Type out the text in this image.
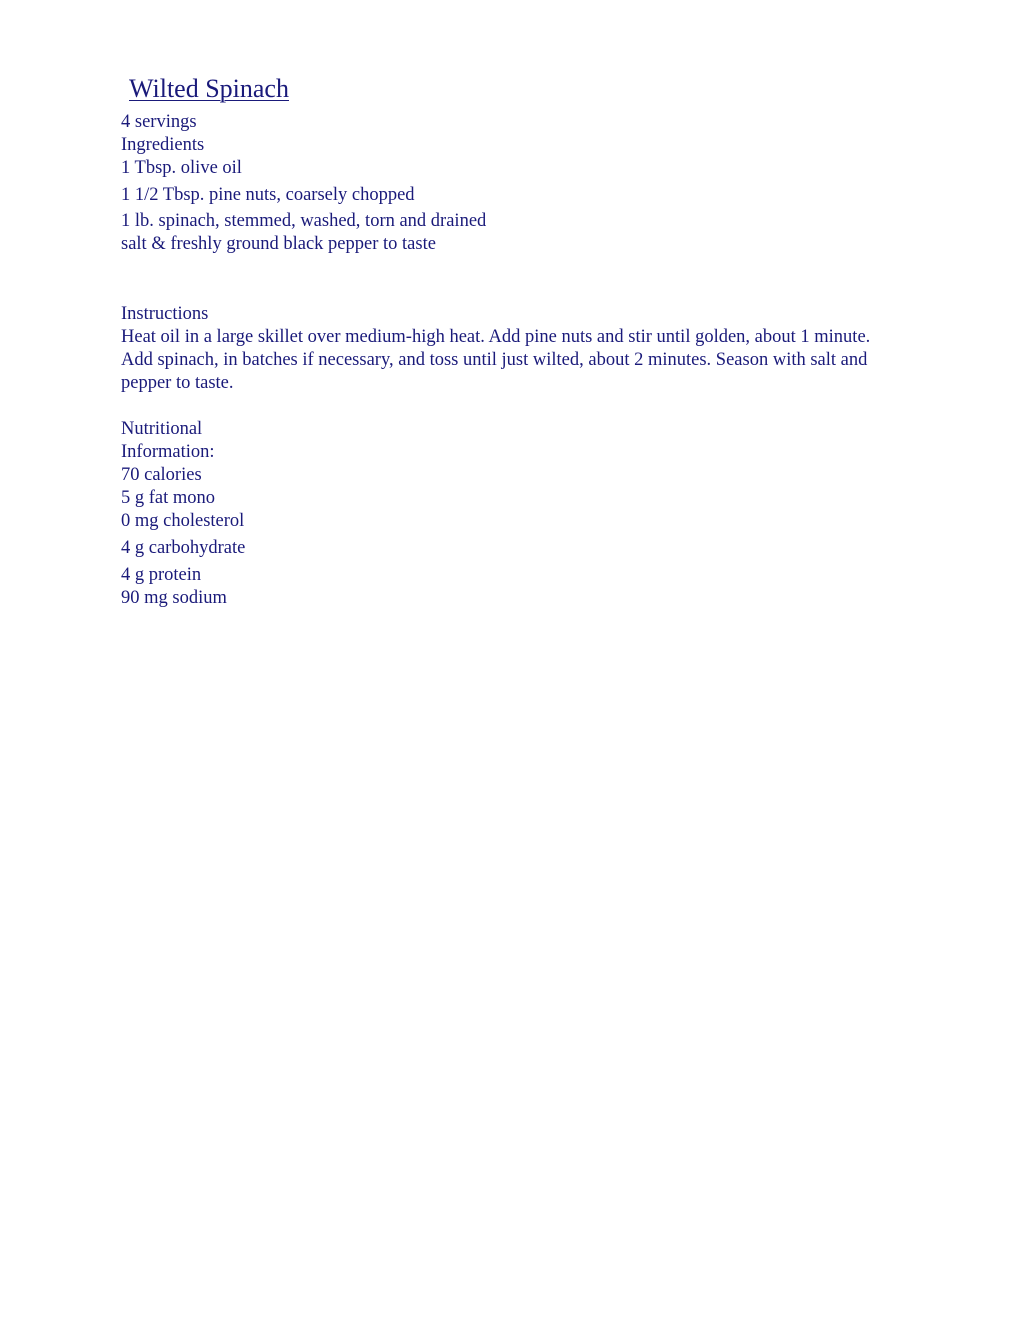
Wilted Spinach

4 servings

Ingredients

1 Tbsp. olive oil

1 1/2 Tbsp. pine nuts, coarsely chopped

1 lb. spinach, stemmed, washed, torn and drained salt & freshly ground black pepper to taste

Instructions

Heat oil in a large skillet over medium-high heat. Add pine nuts and stir until golden, about 1 minute. Add spinach, in batches if necessary, and toss until just wilted, about 2 minutes. Season with salt and pepper to taste.

Nutritional

Information:

70 calories

5 g fat mono

0 mg cholesterol

4 g carbohydrate

4 g protein

90 mg sodium
